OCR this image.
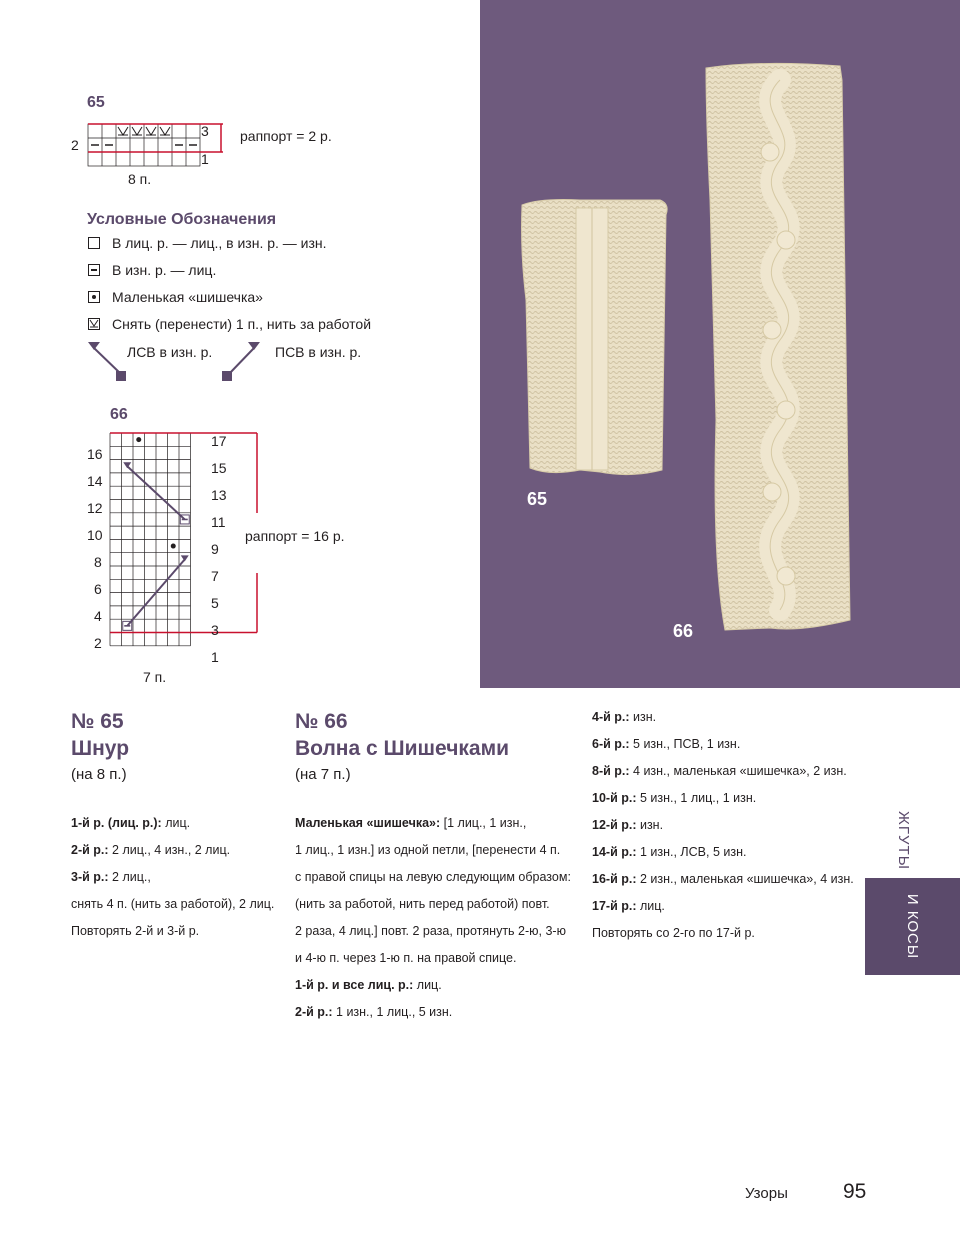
65
2
3
1
раппорт = 2 р.
8 п.
Условные Обозначения
В лиц. р. — лиц., в изн. р. — изн.
В изн. р. — лиц.
Маленькая «шишечка»
Снять (перенести) 1 п., нить за работой
ЛСВ в изн. р.	ПСВ в изн. р.
66
16
14
12
10
8
6
4
2
17
15
13
11
9
7
5
3
1
раппорт = 16 р.
7 п.
65
66
№ 65
Шнур
(на 8 п.)
1-й р. (лиц. р.): лиц.
2-й р.: 2 лиц., 4 изн., 2 лиц.
3-й р.: 2 лиц.,
снять 4 п. (нить за работой), 2 лиц.
Повторять 2-й и 3-й р.
№ 66
Волна с Шишечками
(на 7 п.)
Маленькая «шишечка»: [1 лиц., 1 изн.,
1 лиц., 1 изн.] из одной петли, [перенести 4 п.
с правой спицы на левую следующим образом:
(нить за работой, нить перед работой) повт.
2 раза, 4 лиц.] повт. 2 раза, протянуть 2-ю, 3-ю
и 4-ю п. через 1-ю п. на правой спице.
1-й р. и все лиц. р.: лиц.
2-й р.: 1 изн., 1 лиц., 5 изн.
4-й р.: изн.
6-й р.: 5 изн., ПСВ, 1 изн.
8-й р.: 4 изн., маленькая «шишечка», 2 изн.
10-й р.: 5 изн., 1 лиц., 1 изн.
12-й р.: изн.
14-й р.: 1 изн., ЛСВ, 5 изн.
16-й р.: 2 изн., маленькая «шишечка», 4 изн.
17-й р.: лиц.
Повторять со 2-го по 17-й р.
ЖГУТЫ
И КОСЫ
Узоры	95
